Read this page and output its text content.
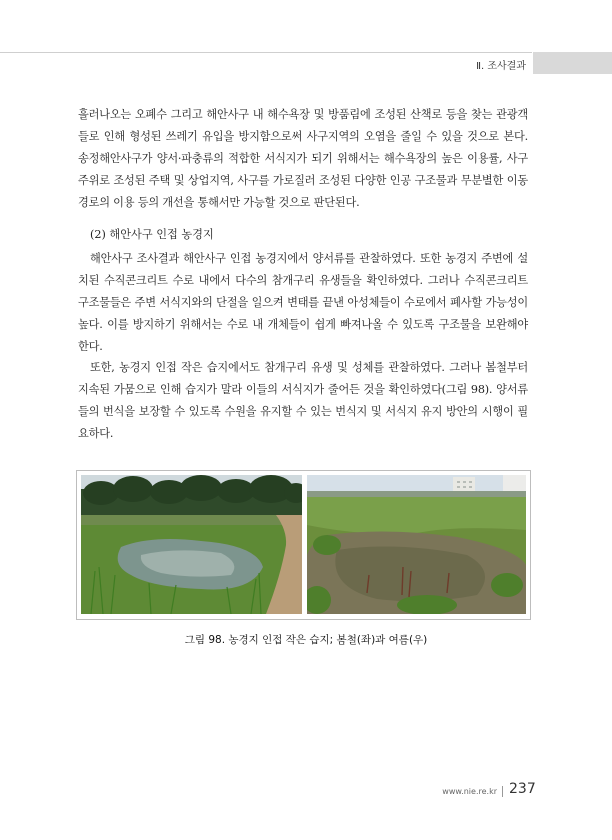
Ⅱ. 조사결과

흘러나오는 오폐수 그리고 해안사구 내 해수욕장 및 방품림에 조성된 산책로 등을 찾는 관광객들로 인해 형성된 쓰레기 유입을 방지함으로써 사구지역의 오염을 줄일 수 있을 것으로 본다. 송정해안사구가 양서·파충류의 적합한 서식지가 되기 위해서는 해수욕장의 높은 이용률, 사구 주위로 조성된 주택 및 상업지역, 사구를 가로질러 조성된 다양한 인공 구조물과 무분별한 이동경로의 이용 등의 개선을 통해서만 가능할 것으로 판단된다.

(2) 해안사구 인접 농경지

해안사구 조사결과 해안사구 인접 농경지에서 양서류를 관찰하였다. 또한 농경지 주변에 설치된 수직콘크리트 수로 내에서 다수의 참개구리 유생들을 확인하였다. 그러나 수직콘크리트 구조물들은 주변 서식지와의 단절을 일으켜 변태를 끝낸 아성체들이 수로에서 폐사할 가능성이 높다. 이를 방지하기 위해서는 수로 내 개체들이 쉽게 빠져나올 수 있도록 구조물을 보완해야 한다.

또한, 농경지 인접 작은 습지에서도 참개구리 유생 및 성체를 관찰하였다. 그러나 봄철부터 지속된 가뭄으로 인해 습지가 말라 이들의 서식지가 줄어든 것을 확인하였다(그림 98). 양서류들의 번식을 보장할 수 있도록 수원을 유지할 수 있는 번식지 및 서식지 유지 방안의 시행이 필요하다.
그림 98. 농경지 인접 작은 습지; 봄철(좌)과 여름(우)
www.nie.re.kr 237
